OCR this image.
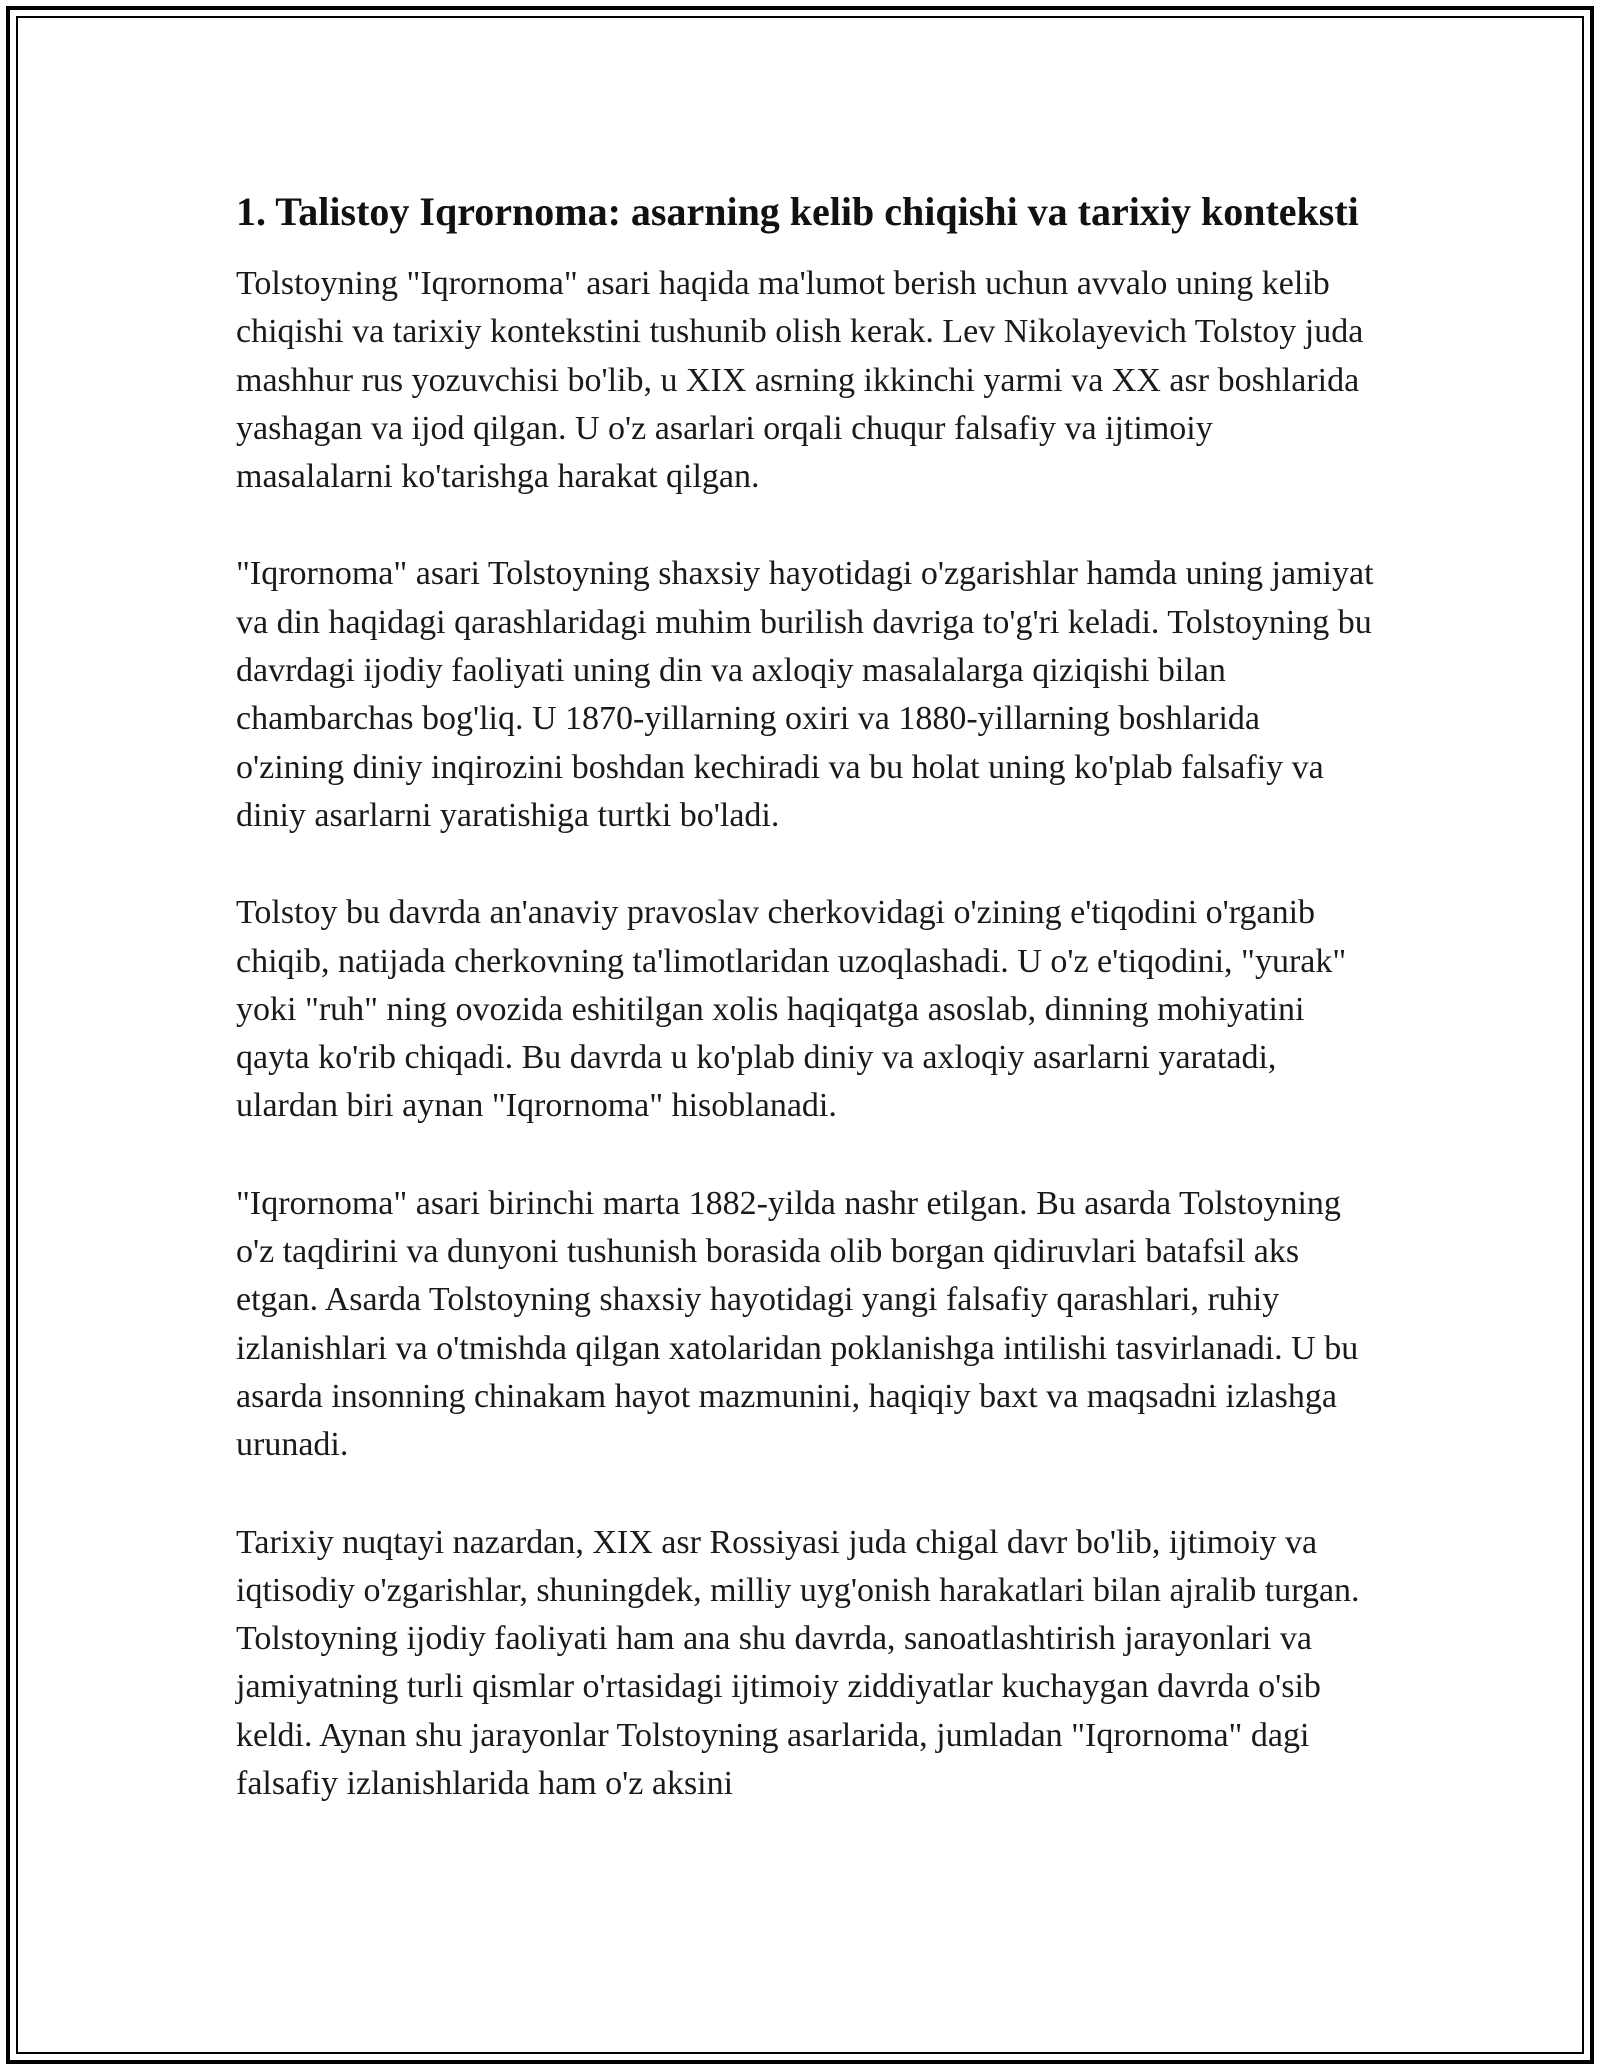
1. Talistoy Iqrornoma: asarning kelib chiqishi va tarixiy konteksti

Tolstoyning "Iqrornoma" asari haqida ma'lumot berish uchun avvalo uning kelib chiqishi va tarixiy kontekstini tushunib olish kerak. Lev Nikolayevich Tolstoy juda mashhur rus yozuvchisi bo'lib, u XIX asrning ikkinchi yarmi va XX asr boshlarida yashagan va ijod qilgan. U o'z asarlari orqali chuqur falsafiy va ijtimoiy masalalarni ko'tarishga harakat qilgan.

"Iqrornoma" asari Tolstoyning shaxsiy hayotidagi o'zgarishlar hamda uning jamiyat va din haqidagi qarashlaridagi muhim burilish davriga to'g'ri keladi. Tolstoyning bu davrdagi ijodiy faoliyati uning din va axloqiy masalalarga qiziqishi bilan chambarchas bog'liq. U 1870-yillarning oxiri va 1880-yillarning boshlarida o'zining diniy inqirozini boshdan kechiradi va bu holat uning ko'plab falsafiy va diniy asarlarni yaratishiga turtki bo'ladi.

Tolstoy bu davrda an'anaviy pravoslav cherkovidagi o'zining e'tiqodini o'rganib chiqib, natijada cherkovning ta'limotlaridan uzoqlashadi. U o'z e'tiqodini, "yurak" yoki "ruh" ning ovozida eshitilgan xolis haqiqatga asoslab, dinning mohiyatini qayta ko'rib chiqadi. Bu davrda u ko'plab diniy va axloqiy asarlarni yaratadi, ulardan biri aynan "Iqrornoma" hisoblanadi.

"Iqrornoma" asari birinchi marta 1882-yilda nashr etilgan. Bu asarda Tolstoyning o'z taqdirini va dunyoni tushunish borasida olib borgan qidiruvlari batafsil aks etgan. Asarda Tolstoyning shaxsiy hayotidagi yangi falsafiy qarashlari, ruhiy izlanishlari va o'tmishda qilgan xatolaridan poklanishga intilishi tasvirlanadi. U bu asarda insonning chinakam hayot mazmunini, haqiqiy baxt va maqsadni izlashga urunadi.

Tarixiy nuqtayi nazardan, XIX asr Rossiyasi juda chigal davr bo'lib, ijtimoiy va iqtisodiy o'zgarishlar, shuningdek, milliy uyg'onish harakatlari bilan ajralib turgan. Tolstoyning ijodiy faoliyati ham ana shu davrda, sanoatlashtirish jarayonlari va jamiyatning turli qismlar o'rtasidagi ijtimoiy ziddiyatlar kuchaygan davrda o'sib keldi. Aynan shu jarayonlar Tolstoyning asarlarida, jumladan "Iqrornoma" dagi falsafiy izlanishlarida ham o'z aksini
